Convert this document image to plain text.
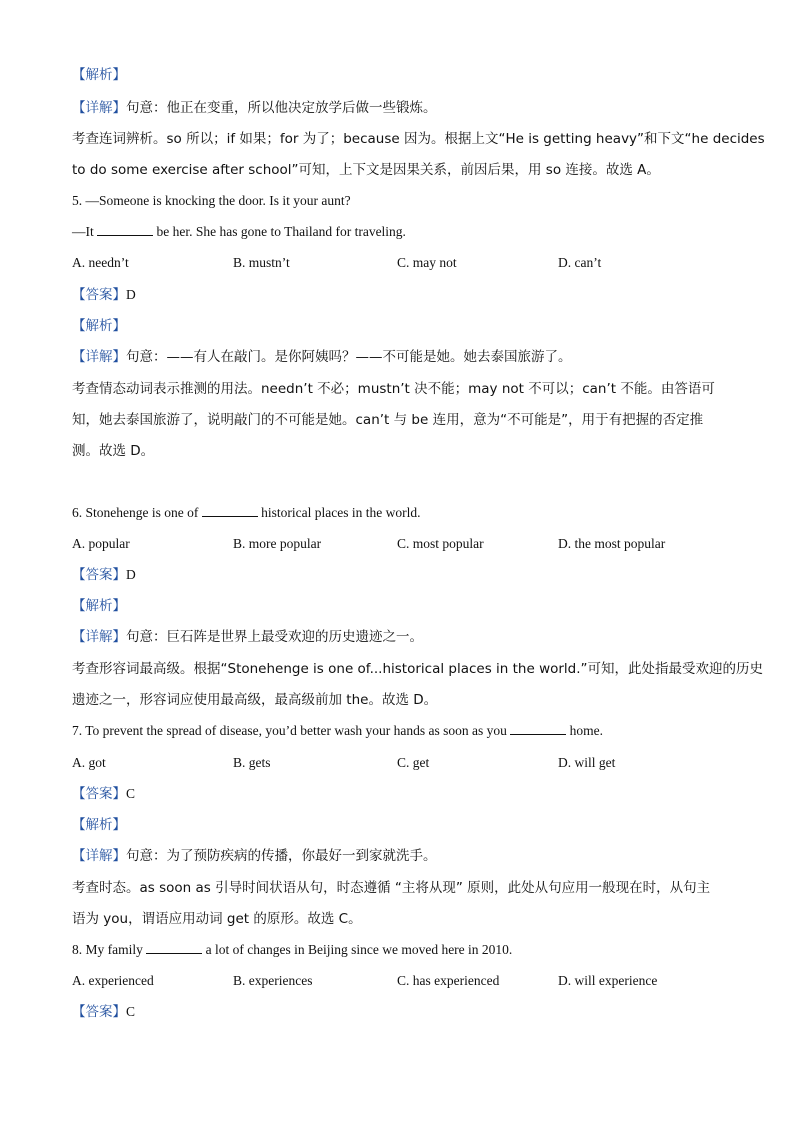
【解析】
【详解】句意：他正在变重，所以他决定放学后做一些锻炼。
考查连词辨析。so 所以；if 如果；for 为了；because 因为。根据上文“He is getting heavy”和下文“he decides
to do some exercise after school”可知，上下文是因果关系，前因后果，用 so 连接。故选 A。
5. —Someone is knocking the door. Is it your aunt?
—It	be her. She has gone to Thailand for traveling.
A. needn’t	B. mustn’t	C. may not	D. can’t
【答案】D
【解析】
【详解】句意：——有人在敲门。是你阿姨吗？——不可能是她。她去泰国旅游了。
考查情态动词表示推测的用法。needn’t 不必；mustn’t 决不能；may not 不可以；can’t 不能。由答语可
知，她去泰国旅游了，说明敲门的不可能是她。can’t 与 be 连用，意为“不可能是”，用于有把握的否定推
测。故选 D。
6. Stonehenge is one of	historical places in the world.
A. popular	B. more popular	C. most popular	D. the most popular
【答案】D
【解析】
【详解】句意：巨石阵是世界上最受欢迎的历史遗迹之一。
考查形容词最高级。根据“Stonehenge is one of...historical places in the world.”可知，此处指最受欢迎的历史
遗迹之一，形容词应使用最高级，最高级前加 the。故选 D。
7. To prevent the spread of disease, you’d better wash your hands as soon as you	home.
A. got	B. gets	C. get	D. will get
【答案】C
【解析】
【详解】句意：为了预防疾病的传播，你最好一到家就洗手。
考查时态。as soon as 引导时间状语从句，时态遵循 “主将从现” 原则，此处从句应用一般现在时，从句主
语为 you，谓语应用动词 get 的原形。故选 C。
8. My family	a lot of changes in Beijing since we moved here in 2010.
A. experienced	B. experiences	C. has experienced	D. will experience
【答案】C
